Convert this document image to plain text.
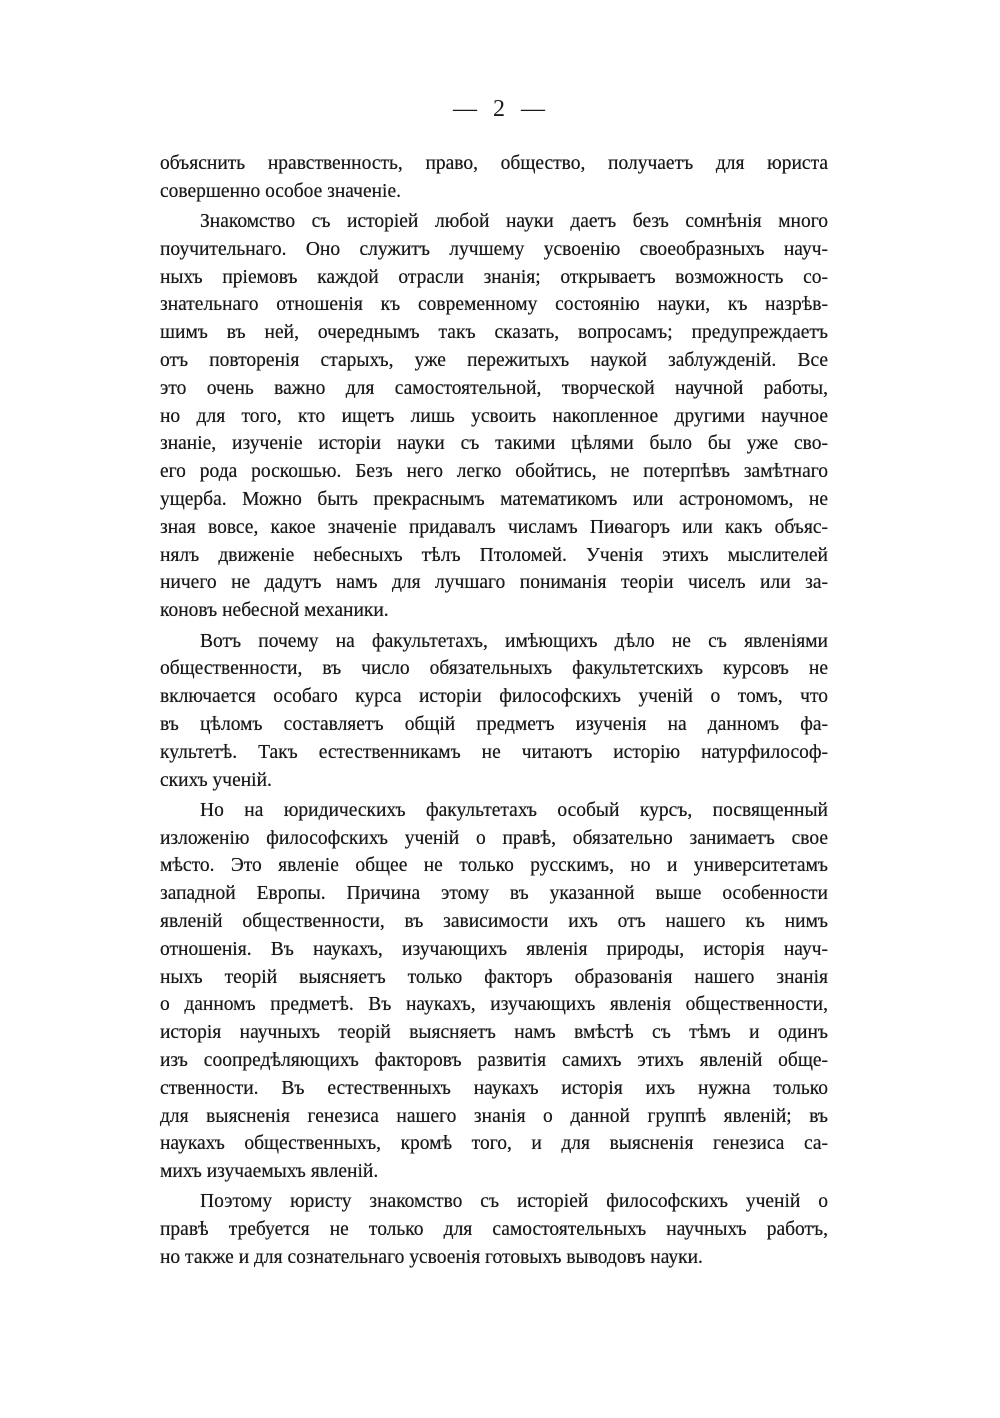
— 2 —
объяснить нравственность, право, общество, получаетъ для юриста
совершенно особое значенiе.
Знакомство съ исторiей любой науки даетъ безъ сомнѣнiя много
поучительнаго. Оно служитъ лучшему усвоенiю своеобразныхъ науч-
ныхъ прiемовъ каждой отрасли знанiя; открываетъ возможность со-
знательнаго отношенiя къ современному состоянiю науки, къ назрѣв-
шимъ въ ней, очереднымъ такъ сказать, вопросамъ; предупреждаетъ
отъ повторенiя старыхъ, уже пережитыхъ наукой заблужденiй. Все
это очень важно для самостоятельной, творческой научной работы,
но для того, кто ищетъ лишь усвоить накопленное другими научное
знанiе, изученiе исторiи науки съ такими цѣлями было бы уже сво-
его рода роскошью. Безъ него легко обойтись, не потерпѣвъ замѣтнаго
ущерба. Можно быть прекраснымъ математикомъ или астрономомъ, не
зная вовсе, какое значенiе придавалъ числамъ Пиѳагоръ или какъ объяс-
нялъ движенiе небесныхъ тѣлъ Птоломей. Ученiя этихъ мыслителей
ничего не дадутъ намъ для лучшаго пониманiя теорiи чиселъ или за-
коновъ небесной механики.
Вотъ почему на факультетахъ, имѣющихъ дѣло не съ явленiями
общественности, въ число обязательныхъ факультетскихъ курсовъ не
включается особаго курса исторiи философскихъ ученiй о томъ, что
въ цѣломъ составляетъ общiй предметъ изученiя на данномъ фа-
культетѣ. Такъ естественникамъ не читаютъ исторiю натурфилософ-
скихъ ученiй.
Но на юридическихъ факультетахъ особый курсъ, посвященный
изложенiю философскихъ ученiй о правѣ, обязательно занимаетъ свое
мѣсто. Это явленiе общее не только русскимъ, но и университетамъ
западной Европы. Причина этому въ указанной выше особенности
явленiй общественности, въ зависимости ихъ отъ нашего къ нимъ
отношенiя. Въ наукахъ, изучающихъ явленiя природы, исторiя науч-
ныхъ теорiй выясняетъ только факторъ образованiя нашего знанiя
о данномъ предметѣ. Въ наукахъ, изучающихъ явленiя общественности,
исторiя научныхъ теорiй выясняетъ намъ вмѣстѣ съ тѣмъ и одинъ
изъ соопредѣляющихъ факторовъ развитiя самихъ этихъ явленiй обще-
ственности. Въ естественныхъ наукахъ исторiя ихъ нужна только
для выясненiя генезиса нашего знанiя о данной группѣ явленiй; въ
наукахъ общественныхъ, кромѣ того, и для выясненiя генезиса са-
михъ изучаемыхъ явленiй.
Поэтому юристу знакомство съ исторiей философскихъ ученiй о
правѣ требуется не только для самостоятельныхъ научныхъ работъ,
но также и для сознательнаго усвоенiя готовыхъ выводовъ науки.
